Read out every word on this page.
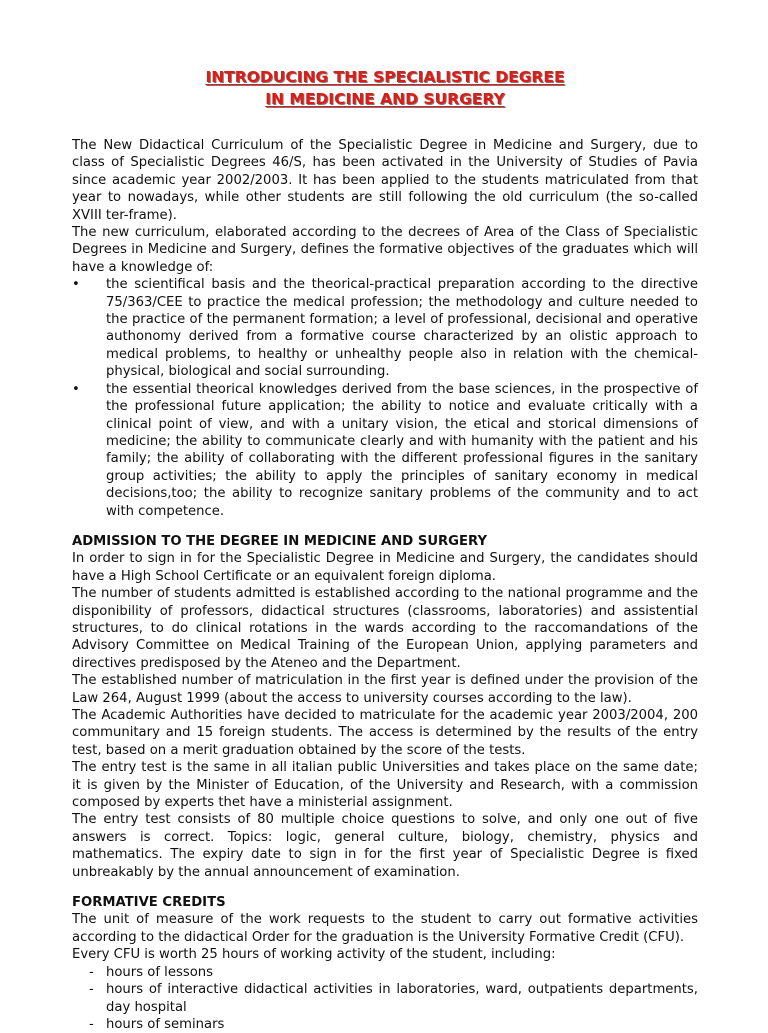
INTRODUCING THE SPECIALISTIC DEGREE
IN MEDICINE AND SURGERY

The New Didactical Curriculum of the Specialistic Degree in Medicine and Surgery, due to class of Specialistic Degrees 46/S, has been activated in the University of Studies of Pavia since academic year 2002/2003. It has been applied to the students matriculated from that year to nowadays, while other students are still following the old curriculum (the so-called XVIII ter-frame).

The new curriculum, elaborated according to the decrees of Area of the Class of Specialistic Degrees in Medicine and Surgery, defines the formative objectives of the graduates which will have a knowledge of:

•	the scientifical basis and the theorical-practical preparation according to the directive 75/363/CEE to practice the medical profession; the methodology and culture needed to the practice of the permanent formation; a level of professional, decisional and operative authonomy derived from a formative course characterized by an olistic approach to medical problems, to healthy or unhealthy people also in relation with the chemical-physical, biological and social surrounding.
•	the essential theorical knowledges derived from the base sciences, in the prospective of the professional future application; the ability to notice and evaluate critically with a clinical point of view, and with a unitary vision, the etical and storical dimensions of medicine; the ability to communicate clearly and with humanity with the patient and his family; the ability of collaborating with the different professional figures in the sanitary group activities; the ability to apply the principles of sanitary economy in medical decisions,too; the ability to recognize sanitary problems of the community and to act with competence.
ADMISSION TO THE DEGREE IN MEDICINE AND SURGERY

In order to sign in for the Specialistic Degree in Medicine and Surgery, the candidates should have a High School Certificate or an equivalent foreign diploma.

The number of students admitted is established according to the national programme and the disponibility of professors, didactical structures (classrooms, laboratories) and assistential structures, to do clinical rotations in the wards according to the raccomandations of the Advisory Committee on Medical Training of the European Union, applying parameters and directives predisposed by the Ateneo and the Department.

The established number of matriculation in the first year is defined under the provision of the Law 264, August 1999 (about the access to university courses according to the law).

The Academic Authorities have decided to matriculate for the academic year 2003/2004, 200 communitary and 15 foreign students. The access is determined by the results of the entry test, based on a merit graduation obtained by the score of the tests.

The entry test is the same in all italian public Universities and takes place on the same date; it is given by the Minister of Education, of the University and Research, with a commission composed by experts thet have a ministerial assignment.

The entry test consists of 80 multiple choice questions to solve, and only one out of five answers is correct. Topics: logic, general culture, biology, chemistry, physics and mathematics. The expiry date to sign in for the first year of Specialistic Degree is fixed unbreakably by the annual announcement of examination.

FORMATIVE CREDITS

The unit of measure of the work requests to the student to carry out formative activities according to the didactical Order for the graduation is the University Formative Credit (CFU).

Every CFU is worth 25 hours of working activity of the student, including:

- hours of lessons
- hours of interactive didactical activities in laboratories, ward, outpatients departments, day hospital
- hours of seminars
